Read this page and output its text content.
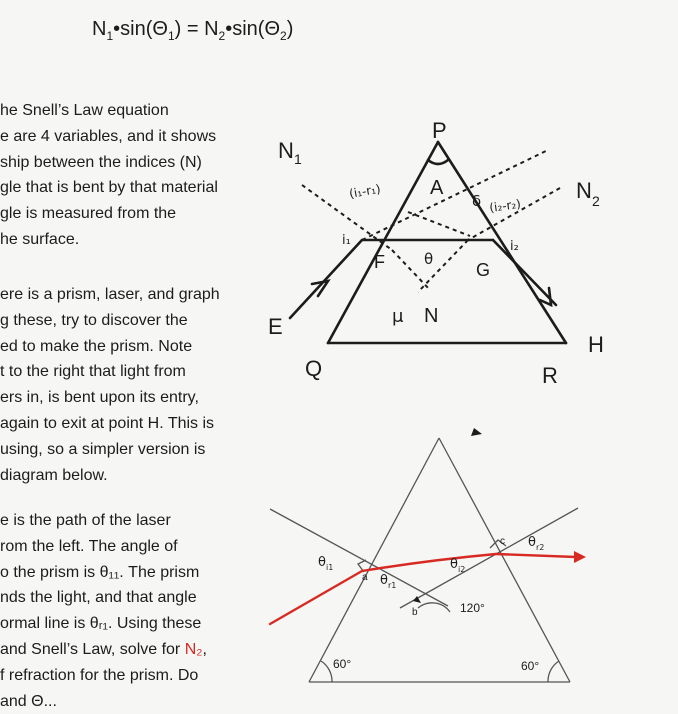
$N_1•\sin(\Theta_1)$ = $N_2•\sin(\Theta_2)$
he Snell’s Law equation
e are 4 variables, and it shows
ship between the indices (N)
gle that is bent by that material
gle is measured from the
he surface.
ere is a prism, laser, and graph
g these, try to discover the
ed to make the prism. Note
t to the right that light from
ers in, is bent upon its entry,
again to exit at point H. This is
using, so a simpler version is
diagram below.
e is the path of the laser
rom the left. The angle of
o the prism is θ₁₁. The prism
nds the light, and that angle
ormal line is θᵣ₁. Using these
and Snell’s Law, solve for N₂,
f refraction for the prism. Do
and Θ...
P
A
N 1
N 2
E
H
Q	R
F	G
μ N
θ
δ
i₁	i₂
(i₁-r₁)
(i₂-r₂)
θ i1
θ r1
θ i2
θ r2
a
b
c
120°
60°	60°
